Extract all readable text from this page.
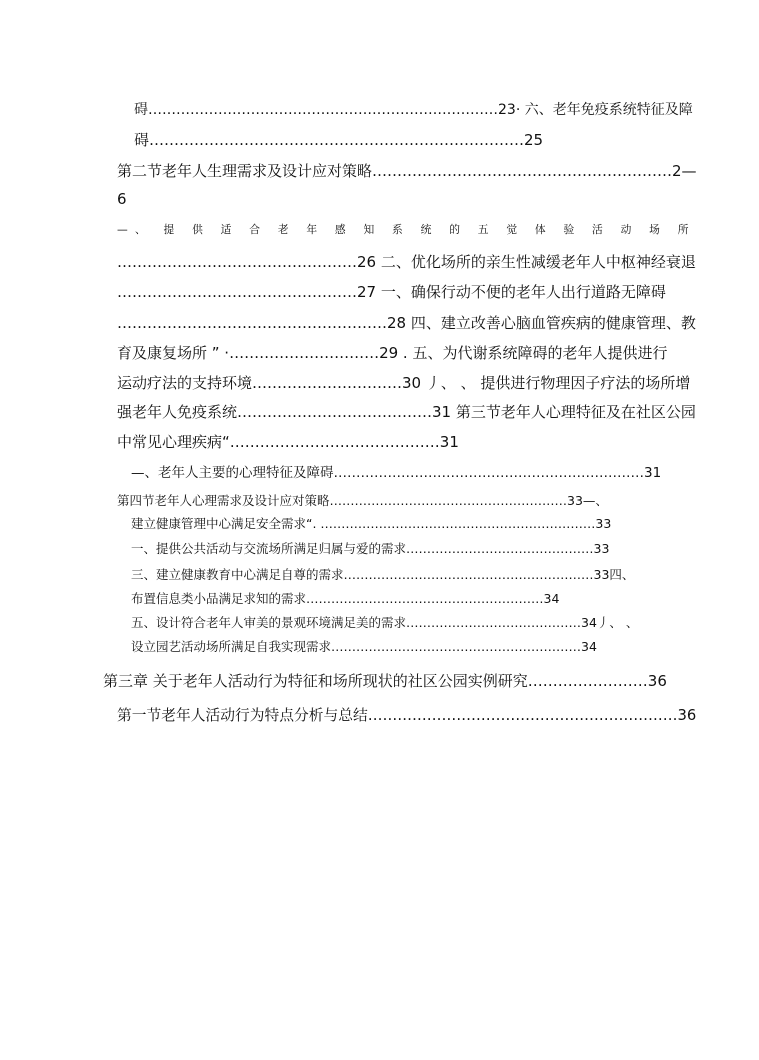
碍…………………………………………………………………23· 六、老年免疫系统特征及障
碍…………………………………………………………………25
第二节老年人生理需求及设计应对策略……………………………………………………2—
6
—、 提 供 适 合 老 年 感 知 系 统 的 五 觉 体 验 活 动 场 所
…………………………………………26 二、优化场所的亲生性减缓老年人中枢神经衰退
…………………………………………27 一、确保行动不便的老年人出行道路无障碍
………………………………………………28 四、建立改善心脑血管疾病的健康管理、教
育及康复场所 ” ·…………………………29 . 五、为代谢系统障碍的老年人提供进行
运动疗法的支持环境…………………………30 丿、 、 提供进行物理因子疗法的场所增
强老年人免疫系统…………………………………31 第三节老年人心理特征及在社区公园
中常见心理疾病“……………………………………31
—、老年人主要的心理特征及障碍……………………………………………………………31
第四节老年人心理需求及设计应对策略…………………………………………………33—、
建立健康管理中心满足安全需求“. …………………………………………………………33
一、提供公共活动与交流场所满足归属与爱的需求………………………………………33
三、建立健康教育中心满足自尊的需求……………………………………………………33四、
布置信息类小品满足求知的需求…………………………………………………34
五、设计符合老年人审美的景观环境满足美的需求……………………………………34丿、 、
设立园艺活动场所满足自我实现需求……………………………………………………34
第三章 关于老年人活动行为特征和场所现状的社区公园实例研究……………………36
第一节老年人活动行为特点分析与总结………………………………………………………36
